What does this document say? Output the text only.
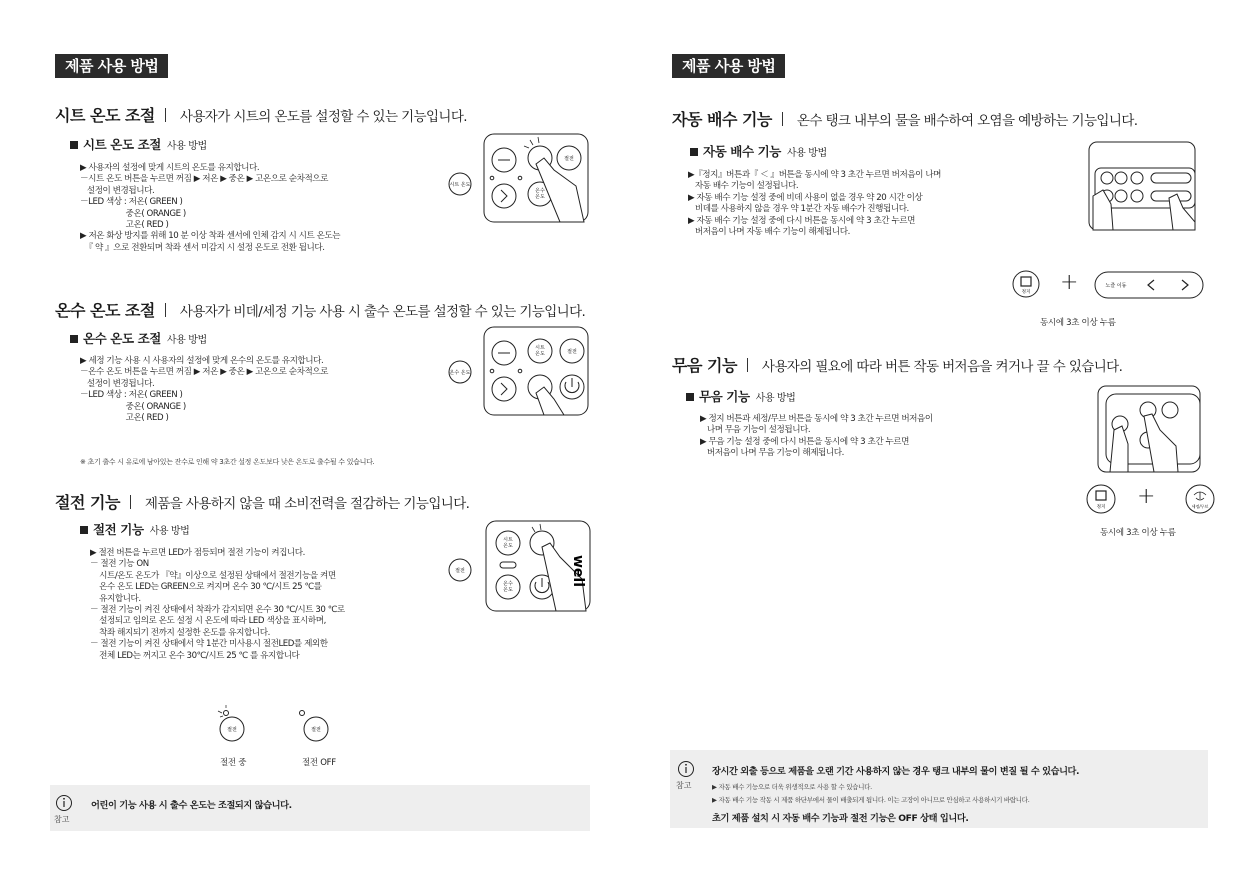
제품 사용 방법
시트 온도 조절 사용자가 시트의 온도를 설정할 수 있는 기능입니다.
시트 온도 조절 사용 방법
▶ 사용자의 설정에 맞게 시트의 온도를 유지합니다.
－시트 온도 버튼을 누르면 꺼짐 ▶ 저온 ▶ 중온 ▶ 고온으로 순차적으로
설정이 변경됩니다.
－LED 색상 : 저온( GREEN )
중온( ORANGE )
고온( RED )
▶ 저온 화상 방지를 위해 10 분 이상 착좌 센서에 인체 감지 시 시트 온도는
『 약 』으로 전환되며 착좌 센서 미감지 시 설정 온도로 전환 됩니다.
시트 온도
절전
온수
온도
온수 온도 조절 사용자가 비데/세정 기능 사용 시 출수 온도를 설정할 수 있는 기능입니다.
온수 온도 조절 사용 방법
▶ 세정 기능 사용 시 사용자의 설정에 맞게 온수의 온도를 유지합니다.
－온수 온도 버튼을 누르면 꺼짐 ▶ 저온 ▶ 중온 ▶ 고온으로 순차적으로
설정이 변경됩니다.
－LED 색상 : 저온( GREEN )
중온( ORANGE )
고온( RED )
※ 초기 출수 시 유로에 남아있는 잔수로 인해 약 3초간 설정 온도보다 낮은 온도로 출수될 수 있습니다.
온수 온도
시트
온도	절전
절전 기능 제품을 사용하지 않을 때 소비전력을 절감하는 기능입니다.
절전 기능 사용 방법
▶ 절전 버튼을 누르면 LED가 점등되며 절전 기능이 켜집니다.
－ 절전 기능 ON
시트/온도 온도가 『약』이상으로 설정된 상태에서 절전기능을 켜면
온수 온도 LED는 GREEN으로 켜지며 온수 30 ℃/시트 25 ℃를
유지합니다.
－ 절전 기능이 켜진 상태에서 착좌가 감지되면 온수 30 ℃/시트 30 ℃로
설정되고 임의로 온도 설정 시 온도에 따라 LED 색상을 표시하며,
착좌 해지되기 전까지 설정한 온도를 유지합니다.
－ 절전 기능이 켜진 상태에서 약 1분간 미사용시 절전LED를 제외한
전체 LED는 꺼지고 온수 30℃/시트 25 ℃ 를 유지합니다
절전
시트
온도
온수
온도
well
절전
절전 중
절전
절전 OFF
참고
어린이 기능 사용 시 출수 온도는 조절되지 않습니다.
제품 사용 방법
자동 배수 기능 온수 탱크 내부의 물을 배수하여 오염을 예방하는 기능입니다.
자동 배수 기능 사용 방법
▶『정지』버튼과『 ＜ 』버튼을 동시에 약 3 초간 누르면 버저음이 나며
자동 배수 기능이 설정됩니다.
▶ 자동 배수 기능 설정 중에 비데 사용이 없을 경우 약 20 시간 이상
비데를 사용하지 않을 경우 약 1분간 자동 배수가 진행됩니다.
▶ 자동 배수 기능 설정 중에 다시 버튼을 동시에 약 3 초간 누르면
버저음이 나며 자동 배수 기능이 해제됩니다.
정지 +	노즐 이동
동시에 3초 이상 누름
무음 기능 사용자의 필요에 따라 버튼 작동 버저음을 켜거나 끌 수 있습니다.
무음 기능 사용 방법
▶ 정지 버튼과 세정/무브 버튼을 동시에 약 3 초간 누르면 버저음이
나며 무음 기능이 설정됩니다.
▶ 무음 기능 설정 중에 다시 버튼을 동시에 약 3 초간 누르면
버저음이 나며 무음 기능이 해제됩니다.
정지 +	세정/무브
동시에 3초 이상 누름
참고
장시간 외출 등으로 제품을 오랜 기간 사용하지 않는 경우 탱크 내부의 물이 변질 될 수 있습니다.
▶ 자동 배수 기능으로 더욱 위생적으로 사용 할 수 있습니다.
▶ 자동 배수 기능 작동 시 제품 하단부에서 물이 배출되게 됩니다. 이는 고장이 아니므로 안심하고 사용하시기 바랍니다.
초기 제품 설치 시 자동 배수 기능과 절전 기능은 OFF 상태 입니다.
